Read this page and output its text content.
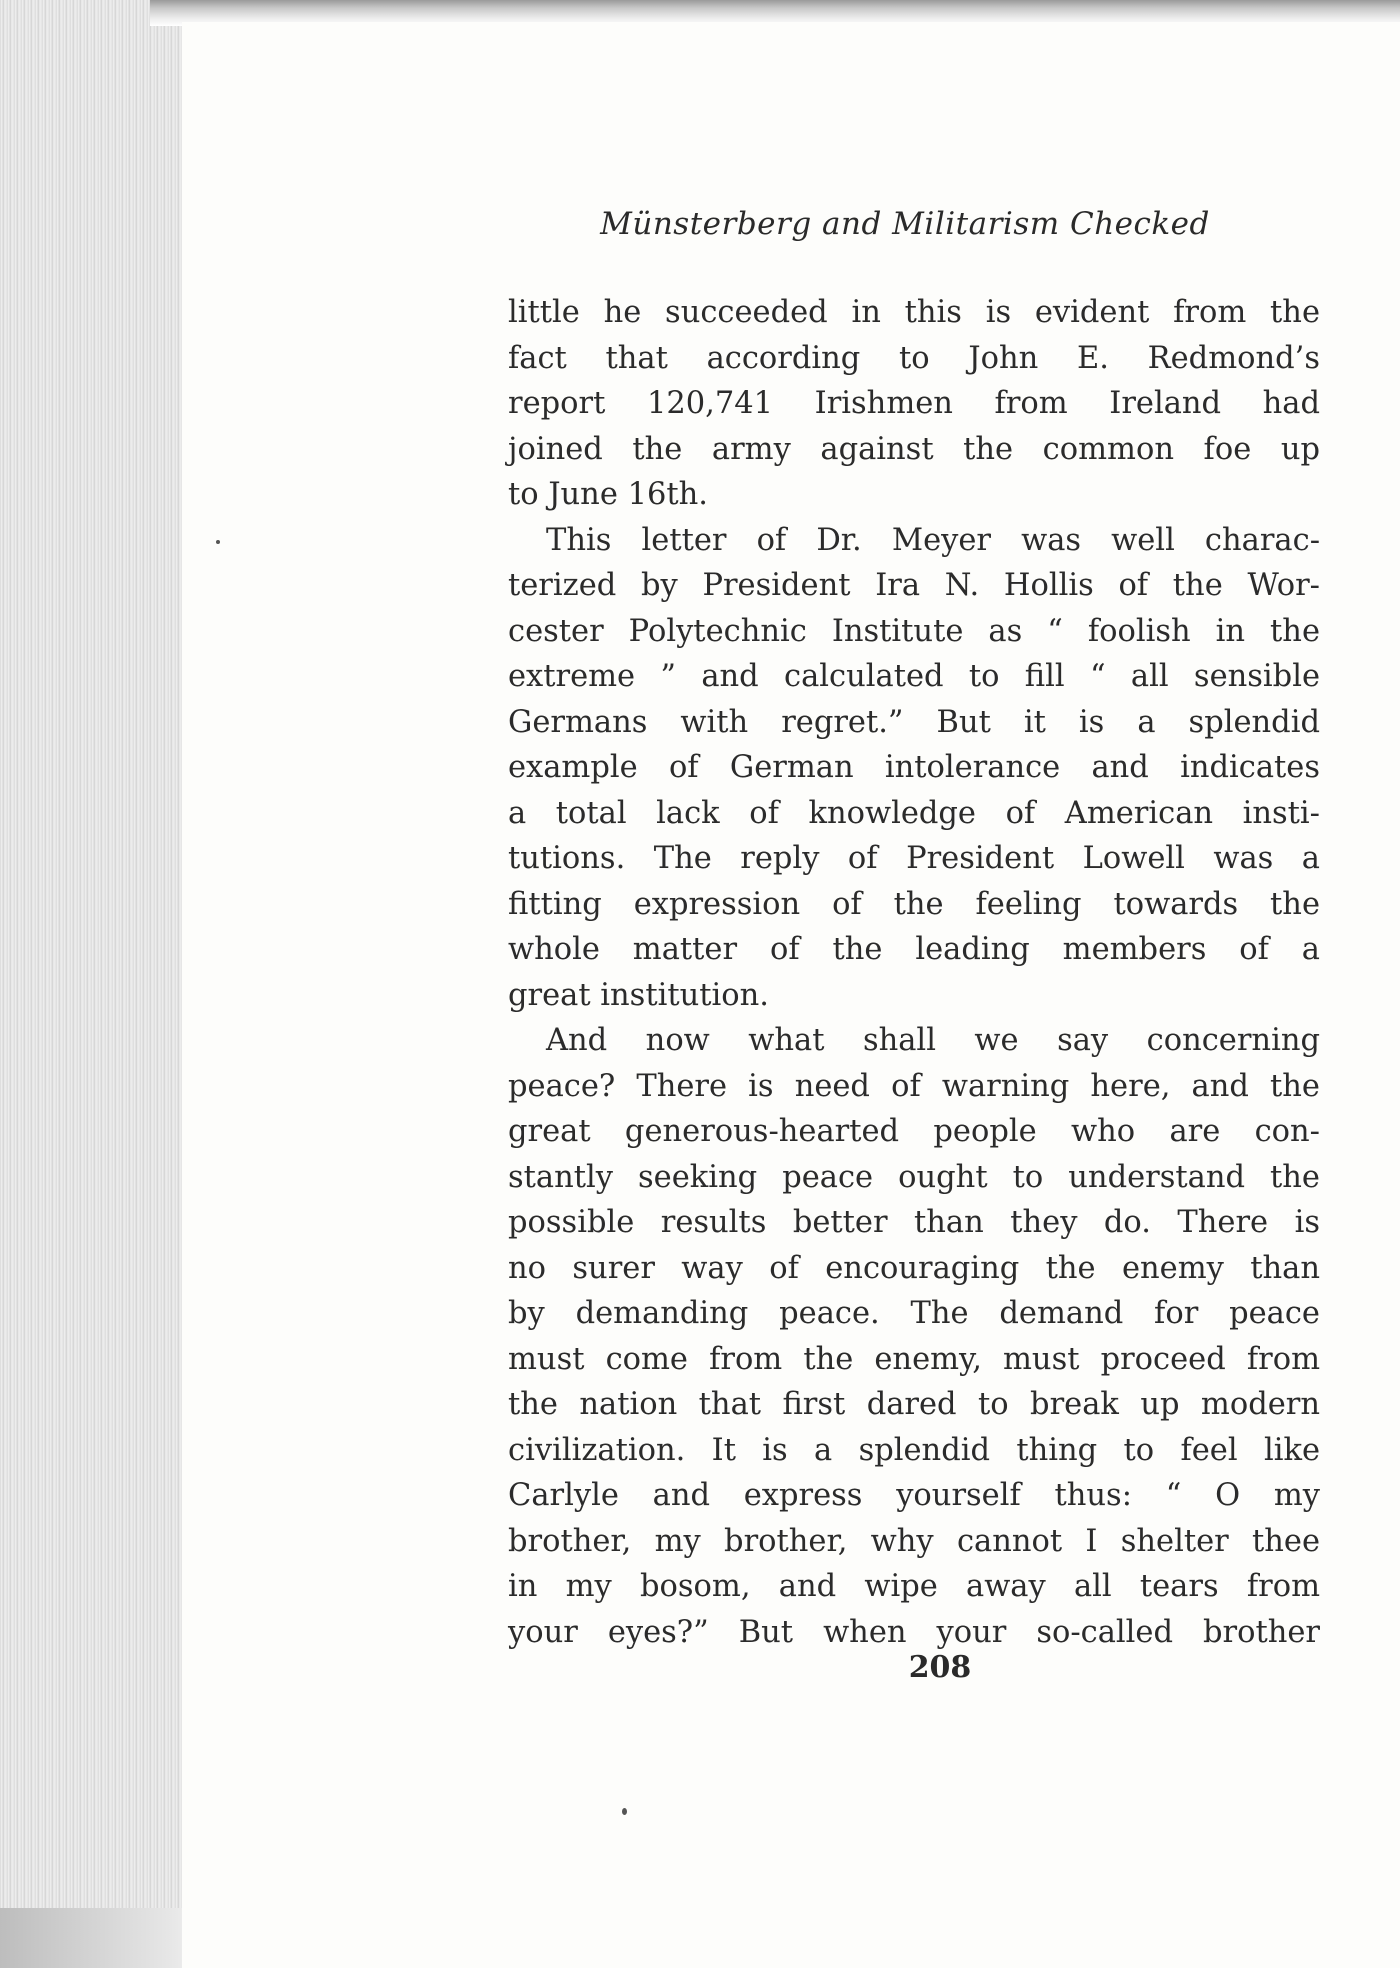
Münsterberg and Militarism Checked
little he succeeded in this is evident from the
fact that according to John E. Redmond’s
report 120,741 Irishmen from Ireland had
joined the army against the common foe up
to June 16th.
This letter of Dr. Meyer was well charac-
terized by President Ira N. Hollis of the Wor-
cester Polytechnic Institute as “ foolish in the
extreme ” and calculated to fill “ all sensible
Germans with regret.” But it is a splendid
example of German intolerance and indicates
a total lack of knowledge of American insti-
tutions. The reply of President Lowell was a
fitting expression of the feeling towards the
whole matter of the leading members of a
great institution.
And now what shall we say concerning
peace? There is need of warning here, and the
great generous-hearted people who are con-
stantly seeking peace ought to understand the
possible results better than they do. There is
no surer way of encouraging the enemy than
by demanding peace. The demand for peace
must come from the enemy, must proceed from
the nation that first dared to break up modern
civilization. It is a splendid thing to feel like
Carlyle and express yourself thus: “ O my
brother, my brother, why cannot I shelter thee
in my bosom, and wipe away all tears from
your eyes?” But when your so-called brother
208
